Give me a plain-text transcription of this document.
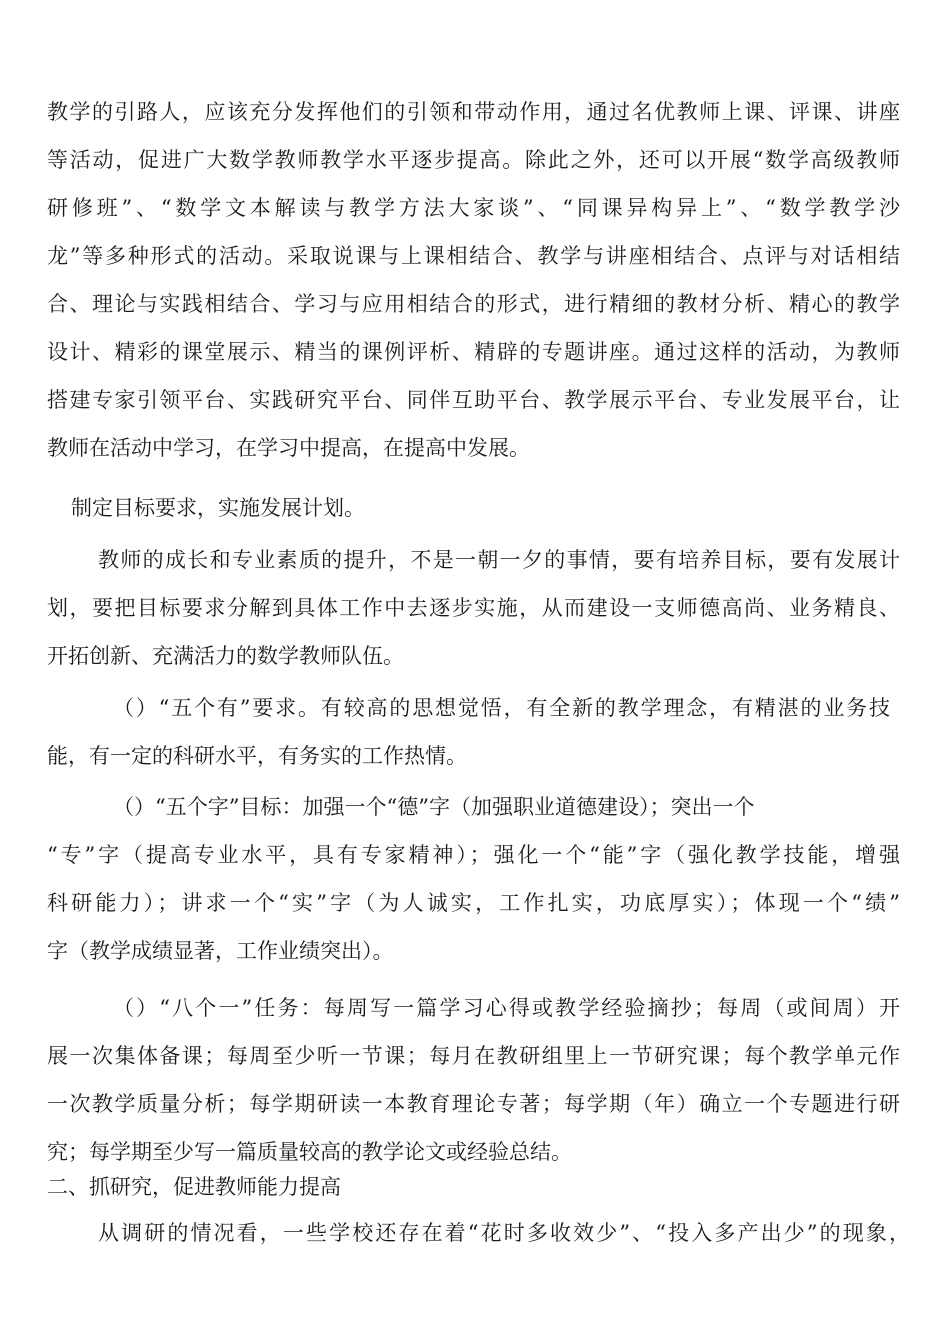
教学的引路人，应该充分发挥他们的引领和带动作用，通过名优教师上课、评课、讲座
等活动，促进广大数学教师教学水平逐步提高。除此之外，还可以开展“数学高级教师
研修班”、“数学文本解读与教学方法大家谈”、“同课异构异上”、“数学教学沙
龙”等多种形式的活动。采取说课与上课相结合、教学与讲座相结合、点评与对话相结
合、理论与实践相结合、学习与应用相结合的形式，进行精细的教材分析、精心的教学
设计、精彩的课堂展示、精当的课例评析、精辟的专题讲座。通过这样的活动，为教师
搭建专家引领平台、实践研究平台、同伴互助平台、教学展示平台、专业发展平台，让
教师在活动中学习，在学习中提高，在提高中发展。
制定目标要求，实施发展计划。
教师的成长和专业素质的提升，不是一朝一夕的事情，要有培养目标，要有发展计
划，要把目标要求分解到具体工作中去逐步实施，从而建设一支师德高尚、业务精良、
开拓创新、充满活力的数学教师队伍。
（）“五个有”要求。有较高的思想觉悟，有全新的教学理念，有精湛的业务技
能，有一定的科研水平，有务实的工作热情。
（）“五个字”目标：加强一个“德”字（加强职业道德建设）；突出一个
“专”字（提高专业水平，具有专家精神）；强化一个“能”字（强化教学技能，增强
科研能力）；讲求一个“实”字（为人诚实，工作扎实，功底厚实）；体现一个“绩”
字（教学成绩显著，工作业绩突出）。
（）“八个一”任务：每周写一篇学习心得或教学经验摘抄；每周（或间周）开
展一次集体备课；每周至少听一节课；每月在教研组里上一节研究课；每个教学单元作
一次教学质量分析；每学期研读一本教育理论专著；每学期（年）确立一个专题进行研
究；每学期至少写一篇质量较高的教学论文或经验总结。
二、抓研究，促进教师能力提高
从调研的情况看，一些学校还存在着“花时多收效少”、“投入多产出少”的现象，
